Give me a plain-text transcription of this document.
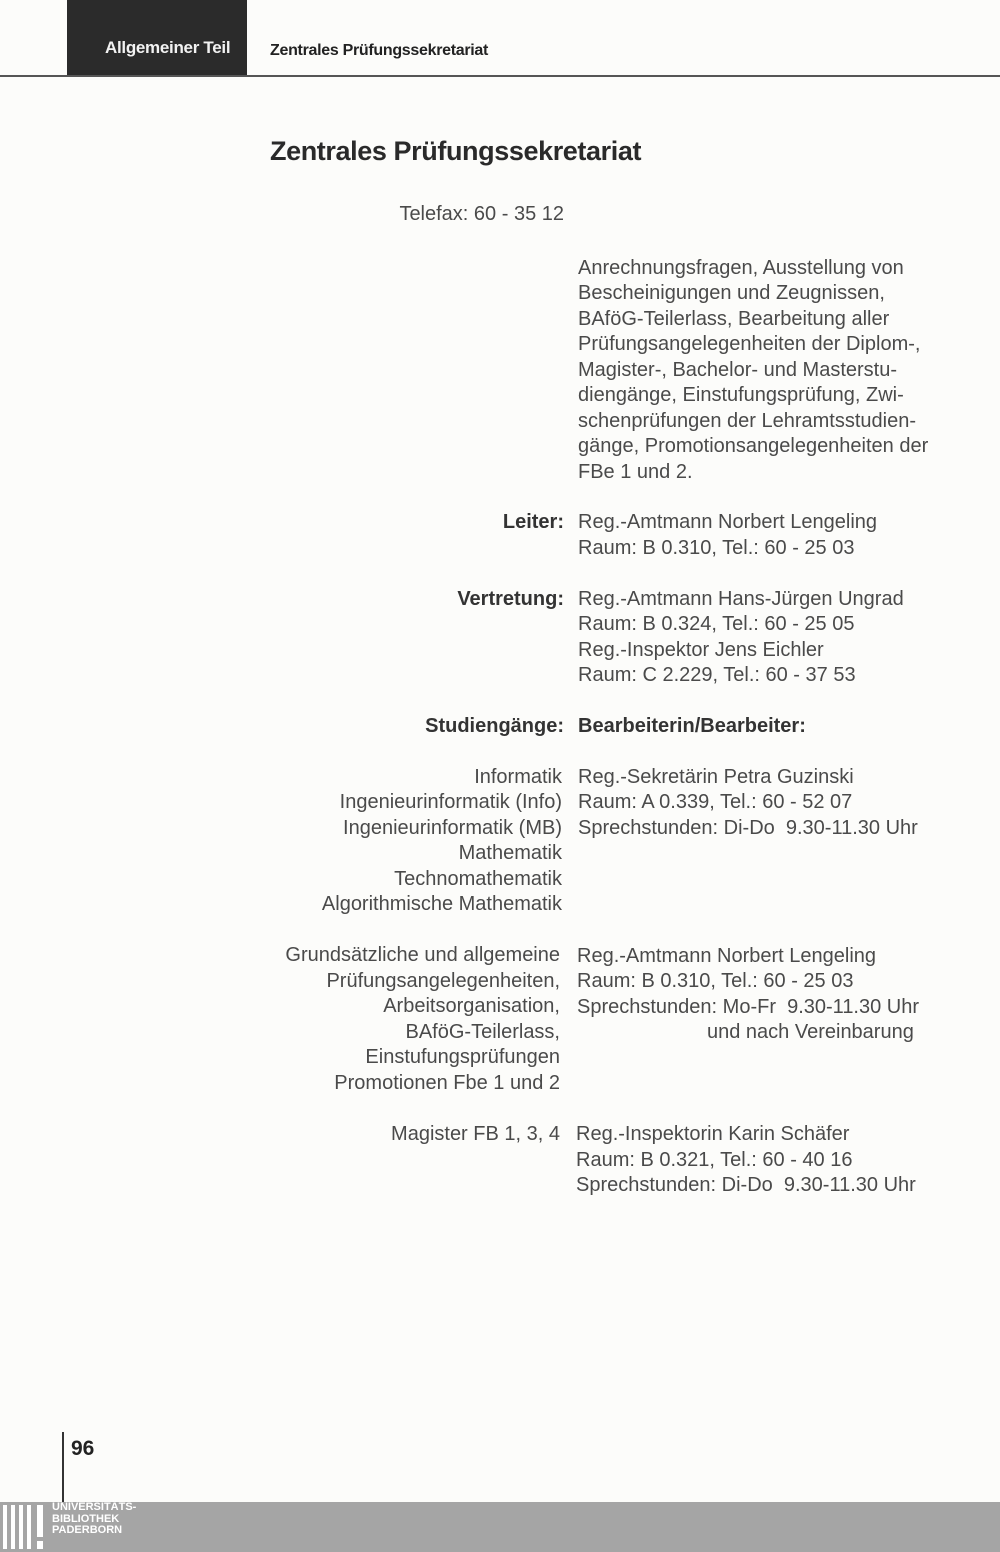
Allgemeiner Teil Zentrales Prüfungssekretariat
Zentrales Prüfungssekretariat
Telefax: 60 - 35 12
Anrechnungsfragen, Ausstellung von
Bescheinigungen und Zeugnissen,
BAföG-Teilerlass, Bearbeitung aller
Prüfungsangelegenheiten der Diplom-,
Magister-, Bachelor- und Masterstu-
diengänge, Einstufungsprüfung, Zwi-
schenprüfungen der Lehramtsstudien-
gänge, Promotionsangelegenheiten der
FBe 1 und 2.
Leiter: Reg.-Amtmann Norbert Lengeling
Raum: B 0.310, Tel.: 60 - 25 03
Vertretung: Reg.-Amtmann Hans-Jürgen Ungrad
Raum: B 0.324, Tel.: 60 - 25 05
Reg.-Inspektor Jens Eichler
Raum: C 2.229, Tel.: 60 - 37 53
Studiengänge: Bearbeiterin/Bearbeiter:
Informatik
Ingenieurinformatik (Info)
Ingenieurinformatik (MB)
Mathematik
Technomathematik
Algorithmische Mathematik
Reg.-Sekretärin Petra Guzinski
Raum: A 0.339, Tel.: 60 - 52 07
Sprechstunden: Di-Do  9.30-11.30 Uhr
Grundsätzliche und allgemeine
Prüfungsangelegenheiten,
Arbeitsorganisation,
BAföG-Teilerlass,
Einstufungsprüfungen
Promotionen Fbe 1 und 2
Reg.-Amtmann Norbert Lengeling
Raum: B 0.310, Tel.: 60 - 25 03
Sprechstunden: Mo-Fr  9.30-11.30 Uhr
und nach Vereinbarung
Magister FB 1, 3, 4 Reg.-Inspektorin Karin Schäfer
Raum: B 0.321, Tel.: 60 - 40 16
Sprechstunden: Di-Do  9.30-11.30 Uhr
96
UNIVERSITÄTS-
BIBLIOTHEK
PADERBORN
